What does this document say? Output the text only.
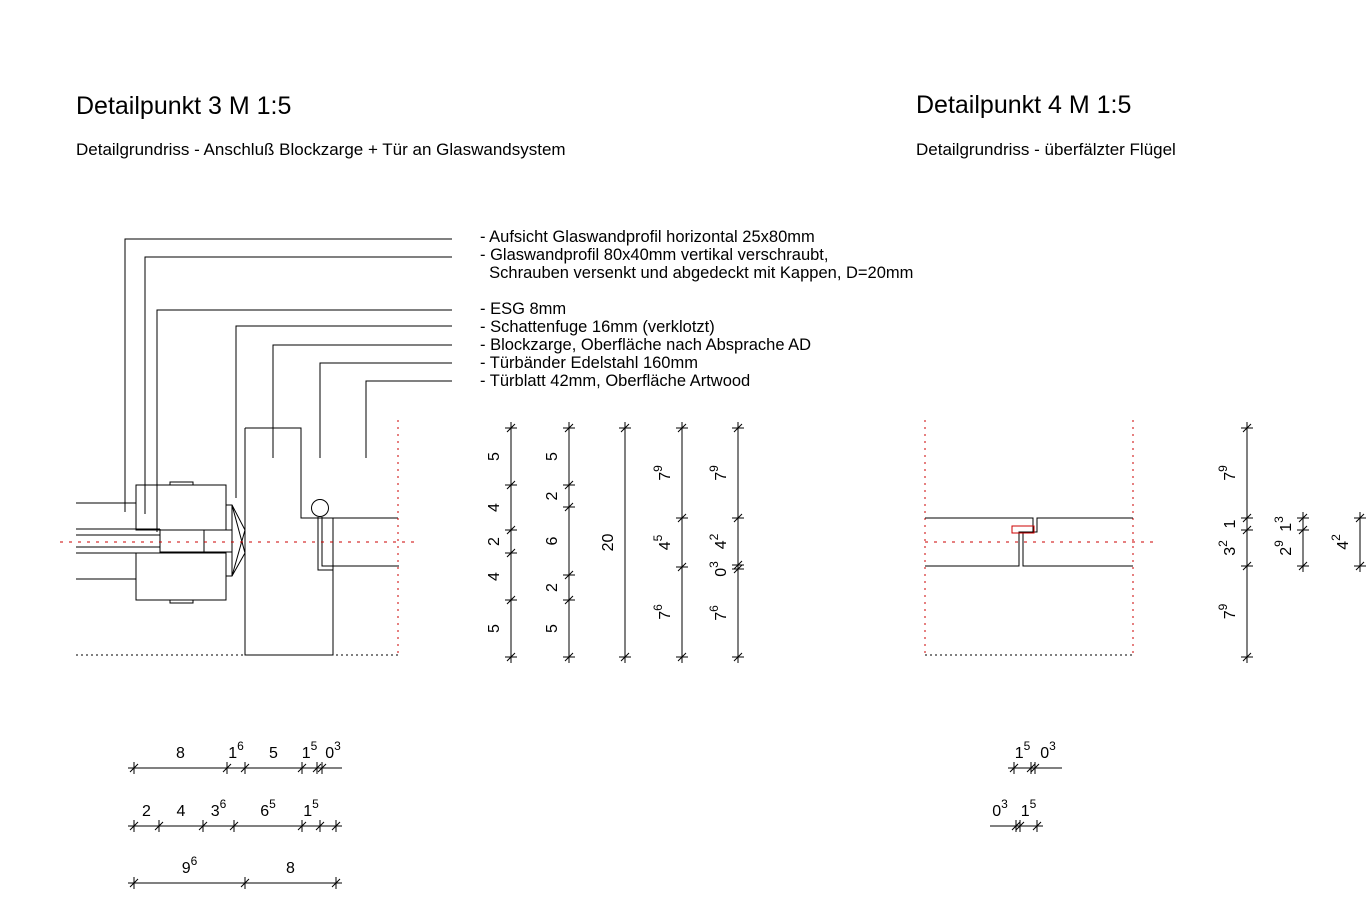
Detailpunkt 3 M 1:5

Detailgrundriss - Anschluß Blockzarge + Tür an Glaswandsystem

Detailpunkt 4 M 1:5

Detailgrundriss - überfälzter Flügel

- Aufsicht Glaswandprofil horizontal 25x80mm
- Glaswandprofil 80x40mm vertikal verschraubt,
Schrauben versenkt und abgedeckt mit Kappen, D=20mm
- ESG 8mm
- Schattenfuge 16mm (verklotzt)
- Blockzarge, Oberfläche nach Absprache AD
- Türbänder Edelstahl 160mm
- Türblatt 42mm, Oberfläche Artwood
5
4
2
4
5
5
2
6
2
5
20
$7^9$
$4^5$
$7^6$
$7^9$
$4^2$
$7^6$
$0^3$
8	$1^6$ 5 $1^5$ $0^3$
2 4 $3^6$ $6^5$ $1^5$
$9^6$	8
$7^9$
1
$3^2$
$7^9$
$1^3$
$2^9$	$4^2$
$1^5$ $0^3$
$1^5$
$0^3$
